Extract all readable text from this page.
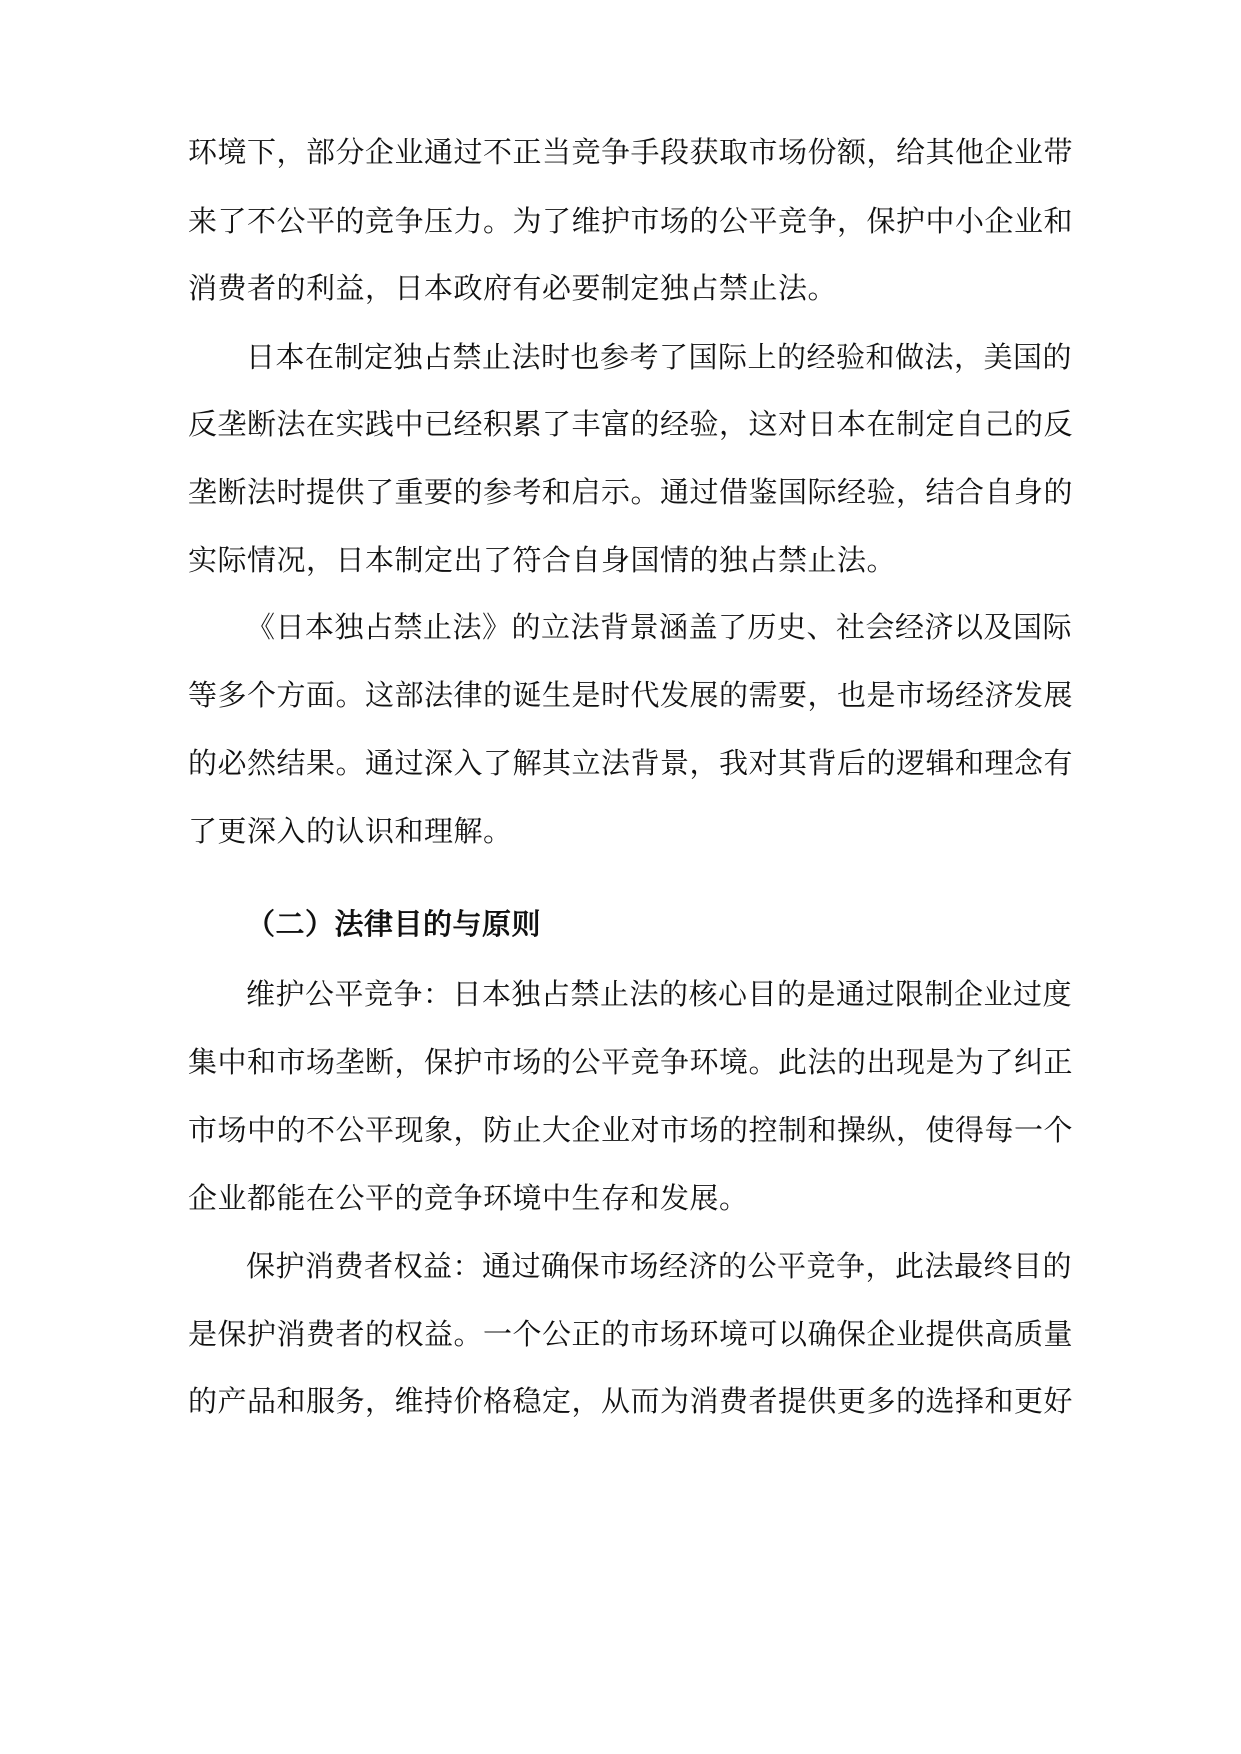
环境下，部分企业通过不正当竞争手段获取市场份额，给其他企业带
来了不公平的竞争压力。为了维护市场的公平竞争，保护中小企业和
消费者的利益，日本政府有必要制定独占禁止法。
日本在制定独占禁止法时也参考了国际上的经验和做法，美国的
反垄断法在实践中已经积累了丰富的经验，这对日本在制定自己的反
垄断法时提供了重要的参考和启示。通过借鉴国际经验，结合自身的
实际情况，日本制定出了符合自身国情的独占禁止法。
《日本独占禁止法》的立法背景涵盖了历史、社会经济以及国际
等多个方面。这部法律的诞生是时代发展的需要，也是市场经济发展
的必然结果。通过深入了解其立法背景，我对其背后的逻辑和理念有
了更深入的认识和理解。
（二）法律目的与原则
维护公平竞争：日本独占禁止法的核心目的是通过限制企业过度
集中和市场垄断，保护市场的公平竞争环境。此法的出现是为了纠正
市场中的不公平现象，防止大企业对市场的控制和操纵，使得每一个
企业都能在公平的竞争环境中生存和发展。
保护消费者权益：通过确保市场经济的公平竞争，此法最终目的
是保护消费者的权益。一个公正的市场环境可以确保企业提供高质量
的产品和服务，维持价格稳定，从而为消费者提供更多的选择和更好
